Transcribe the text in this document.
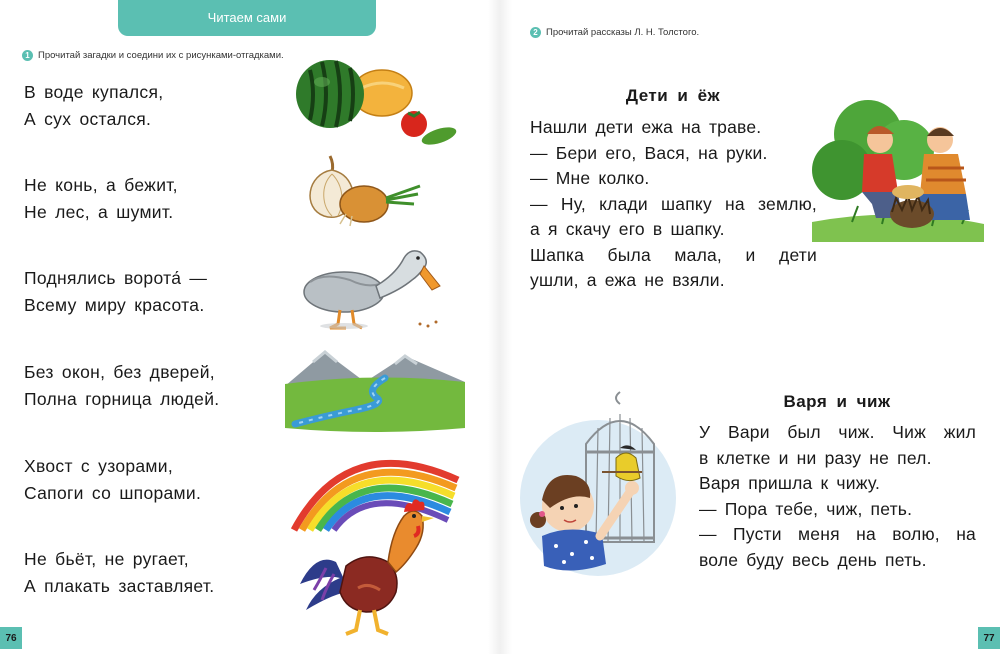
Читаем сами
1 Прочитай загадки и соедини их с рисунками-отгадками.
В воде купался,
А сух остался.
Не конь, а бежит,
Не лес, а шумит.
Поднялись ворота́ —
Всему миру красота.
Без окон, без дверей,
Полна горница людей.
Хвост с узорами,
Сапоги со шпорами.
Не бьёт, не ругает,
А плакать заставляет.
76
2 Прочитай рассказы Л. Н. Толстого.
Дети и ёж

Нашли дети ежа на траве.

— Бери его, Вася, на руки.

— Мне колко.

— Ну, клади шапку на землю,

а я скачу его в шапку.

Шапка была мала, и дети

ушли, а ежа не взяли.

Варя и чиж

У Вари был чиж. Чиж жил

в клетке и ни разу не пел.

Варя пришла к чижу.

— Пора тебе, чиж, петь.

— Пусти меня на волю, на

воле буду весь день петь.

77
